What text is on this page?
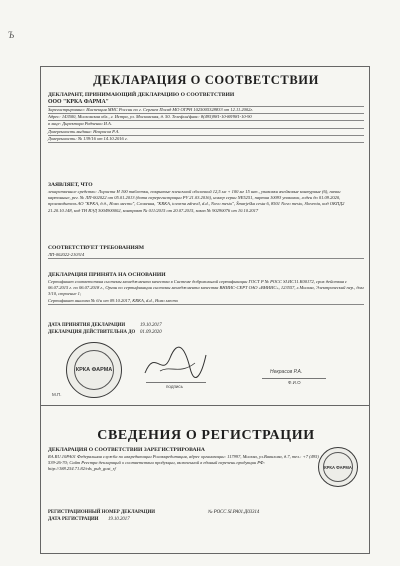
Ъ
ДЕКЛАРАЦИЯ О СООТВЕТСТВИИ
ДЕКЛАРАНТ, ПРИНИМАЮЩИЙ ДЕКЛАРАЦИЮ О СООТВЕТСТВИИ
ООО "КРКА ФАРМА"
Зарегистрировано: Инспекция МНС России по г. Сергиев Посад МО ОГРН 1025005328833 от 12.11.2002г.
Адрес: 143500, Московская обл., г. Истра, ул. Московская, д. 50. Телефон/факс: 8(495)981-10-88/981-10-90
в лице: Директора Радченко И.А.
Доверенность выдана: Некрасов Р.А.
Доверенность: № 139/16 от 14.10.2016 г.
ЗАЯВЛЯЕТ, ЧТО
лекарственное средство: Лориста Н 100 таблетки, покрытые пленочной оболочкой 12,5 мг + 100 мг 15 шт., упаковки ячейковые контурные (6), пачки картонные, рег. № ЛП-002022 от 05.01.2013 (дата перерегистрации PV 21.03.2016), номер серии NE5251, партия 10093 упаковок, годен до 01.09.2020, производитель АО "КРКА, д.д., Ново место", Словения, "KRKA, tovarna zdravil, d.d., Novo mesto", Šmarješka cesta 6, 8501 Novo mesto, Slovenia, код ОКПД2 21.20.10.148, код ТН ВЭД 3004900002, контракт № 011/2015 от 20.07.2015, заказ № 90290076 от 10.10.2017
СООТВЕТСТВУЕТ ТРЕБОВАНИЯМ
ЛП-002022-210314
ДЕКЛАРАЦИЯ ПРИНЯТА НА ОСНОВАНИИ
Сертификат соответствия системы менеджмента качества в Системе добровольной сертификации ГОСТ Р № РОСС SI.ИС11.К00172, срок действия с 06.07.2015 г. по 06.07.2018 г., Орган по сертификации системы менеджмента качества ВНИИС-СЕРТ ОАО «ВНИИС», 123557, г.Москва, Электрический пер., дом 3/10, строение 1;
Сертификат анализа № б/н от 09.10.2017, KRKA, d.d., Ново место
ДАТА ПРИНЯТИЯ ДЕКЛАРАЦИИ	19.10.2017
ДЕКЛАРАЦИЯ ДЕЙСТВИТЕЛЬНА ДО 01.09.2020
КРКА ФАРМА
подпись
Некрасов Р.А.
Ф.И.О
М.П.
СВЕДЕНИЯ О РЕГИСТРАЦИИ
ДЕКЛАРАЦИЯ О СООТВЕТСТВИИ ЗАРЕГИСТРИРОВАНА
RA.RU.10РА01 Федеральная служба по аккредитации Росаккредитация, адрес организации: 117997, Москва, ул.Вавилова, д.7, тел.: +7 (495) 539-26-70; Сайт Реестра деклараций о соответствии продукции, включенной в единый перечень продукции РФ: http://188.254.71.82/rds_pub_gost_rf
РЕГИСТРАЦИОННЫЙ НОМЕР ДЕКЛАРАЦИИ	№ РОСС SI.РА01.Д03314
ДАТА РЕГИСТРАЦИИ	19.10.2017
КРКА ФАРМА
